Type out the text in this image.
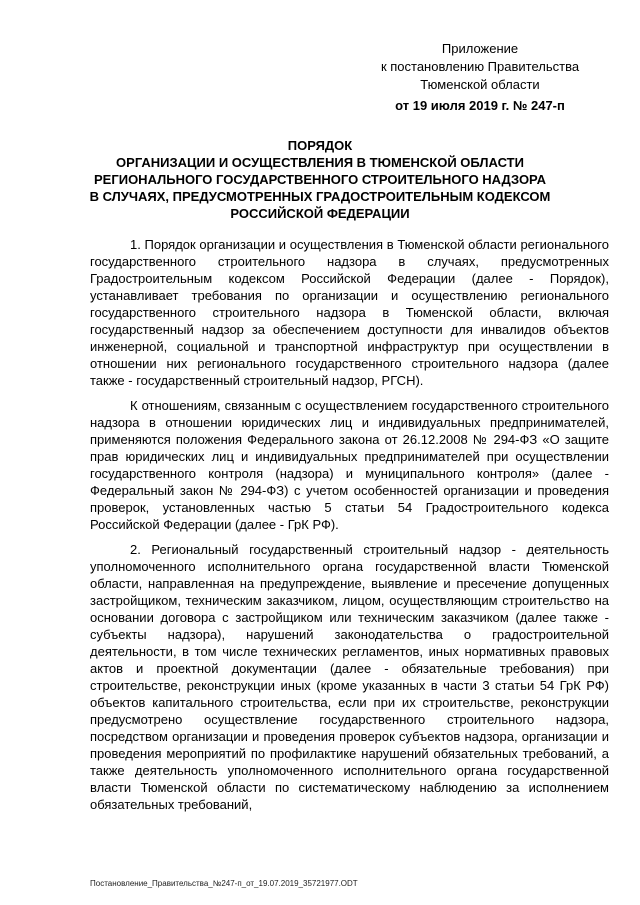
Приложение
к постановлению Правительства
Тюменской области
от 19 июля 2019 г. № 247-п
ПОРЯДОК
ОРГАНИЗАЦИИ И ОСУЩЕСТВЛЕНИЯ В ТЮМЕНСКОЙ ОБЛАСТИ
РЕГИОНАЛЬНОГО ГОСУДАРСТВЕННОГО СТРОИТЕЛЬНОГО НАДЗОРА
В СЛУЧАЯХ, ПРЕДУСМОТРЕННЫХ ГРАДОСТРОИТЕЛЬНЫМ КОДЕКСОМ
РОССИЙСКОЙ ФЕДЕРАЦИИ

1. Порядок организации и осуществления в Тюменской области регионального государственного строительного надзора в случаях, предусмотренных Градостроительным кодексом Российской Федерации (далее - Порядок), устанавливает требования по организации и осуществлению регионального государственного строительного надзора в Тюменской области, включая государственный надзор за обеспечением доступности для инвалидов объектов инженерной, социальной и транспортной инфраструктур при осуществлении в отношении них регионального государственного строительного надзора (далее также - государственный строительный надзор, РГСН).

К отношениям, связанным с осуществлением государственного строительного надзора в отношении юридических лиц и индивидуальных предпринимателей, применяются положения Федерального закона от 26.12.2008 № 294-ФЗ «О защите прав юридических лиц и индивидуальных предпринимателей при осуществлении государственного контроля (надзора) и муниципального контроля» (далее - Федеральный закон № 294-ФЗ) с учетом особенностей организации и проведения проверок, установленных частью 5 статьи 54 Градостроительного кодекса Российской Федерации (далее - ГрК РФ).

2. Региональный государственный строительный надзор - деятельность уполномоченного исполнительного органа государственной власти Тюменской области, направленная на предупреждение, выявление и пресечение допущенных застройщиком, техническим заказчиком, лицом, осуществляющим строительство на основании договора с застройщиком или техническим заказчиком (далее также - субъекты надзора), нарушений законодательства о градостроительной деятельности, в том числе технических регламентов, иных нормативных правовых актов и проектной документации (далее - обязательные требования) при строительстве, реконструкции иных (кроме указанных в части 3 статьи 54 ГрК РФ) объектов капитального строительства, если при их строительстве, реконструкции предусмотрено осуществление государственного строительного надзора, посредством организации и проведения проверок субъектов надзора, организации и проведения мероприятий по профилактике нарушений обязательных требований, а также деятельность уполномоченного исполнительного органа государственной власти Тюменской области по систематическому наблюдению за исполнением обязательных требований,

Постановление_Правительства_№247-п_от_19.07.2019_35721977.ODT
